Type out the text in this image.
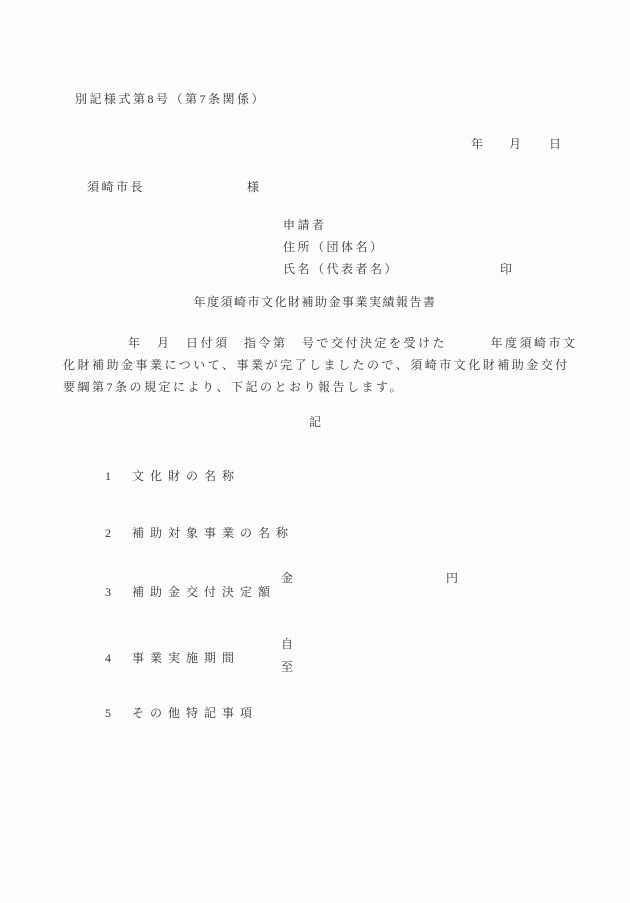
別記様式第8号（第7条関係）
年 月 日
須崎市長	様
申請者
住所（団体名）
氏名（代表者名）	印
年度須崎市文化財補助金事業実績報告書
年　月　日付須　指令第　号で交付決定を受けた　　　年度須崎市文
化財補助金事業について、事業が完了しましたので、須崎市文化財補助金交付
要綱第7条の規定により、下記のとおり報告します。
記

1 文化財の名称

2 補助対象事業の名称

3 補助金交付決定額

金	円

4 事業実施期間

自
至

5 その他特記事項
